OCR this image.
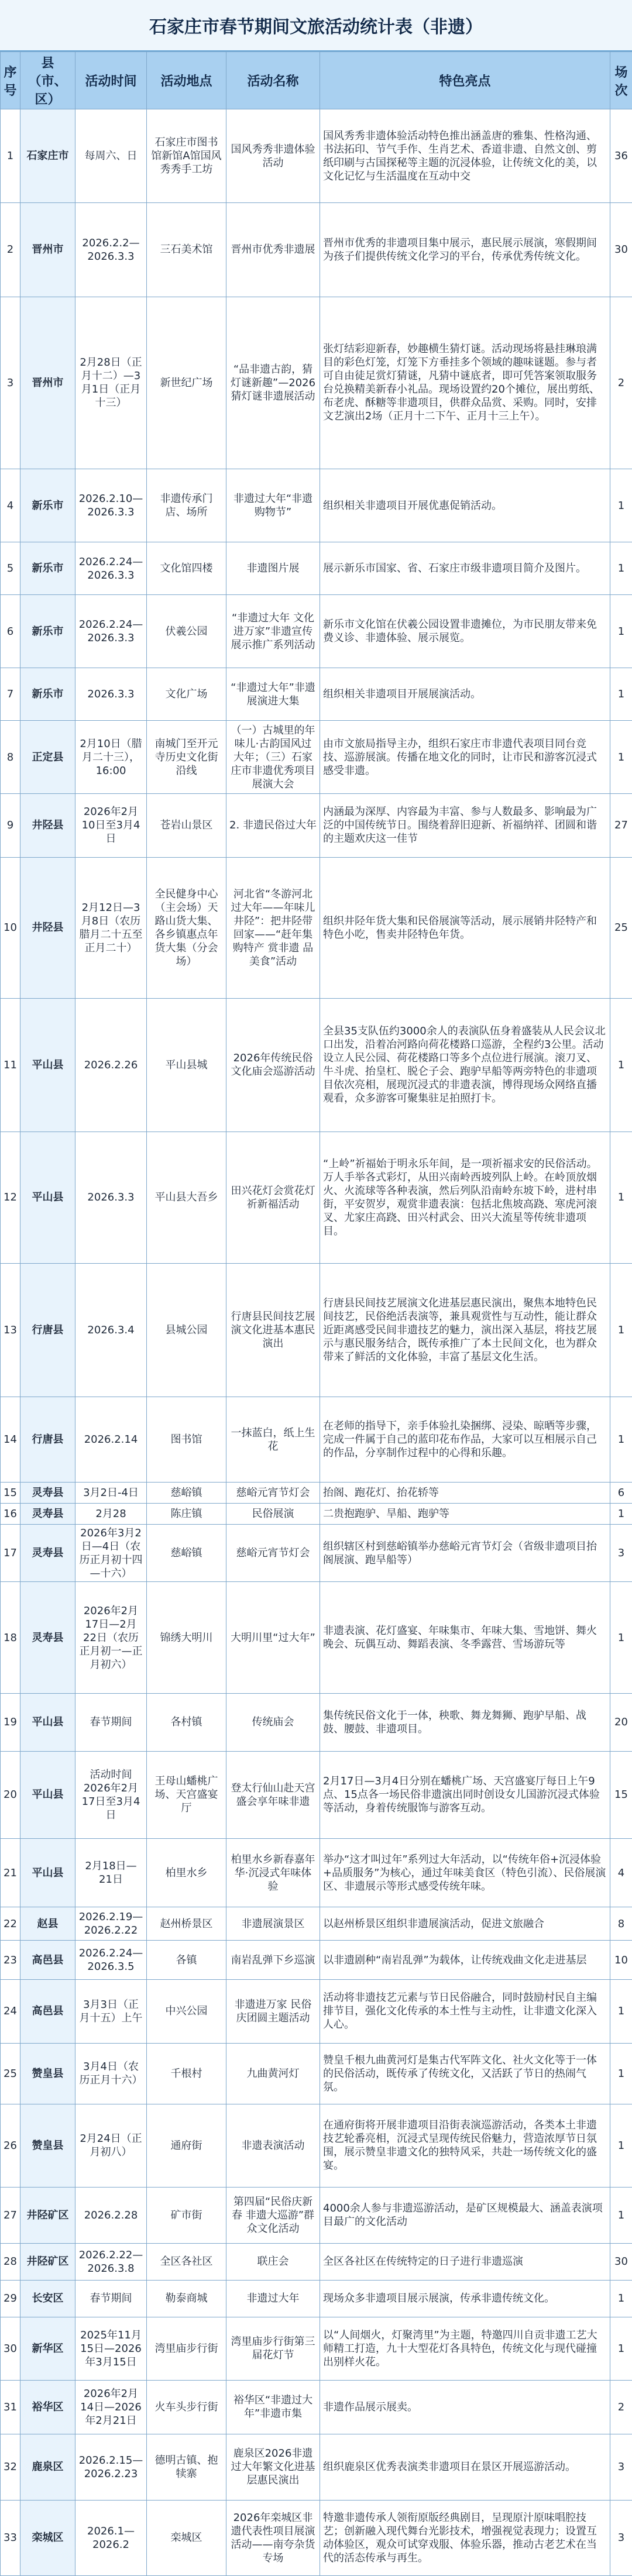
石家庄市春节期间文旅活动统计表（非遗）
序号	县（市、区）	活动时间	活动地点	活动名称	特色亮点	场次

1	石家庄市	每周六、日	石家庄市图书馆新馆A馆国风秀秀手工坊	国风秀秀非遗体验活动	国风秀秀非遗体验活动特色推出涵盖唐的雅集、性格沟通、书法拓印、节气手作、生肖艺术、香道非遗、自然文创、剪纸印刷与古国探秘等主题的沉浸体验，让传统文化的美，以文化记忆与生活温度在互动中交	36

2	晋州市	2026.2.2—2026.3.3	三石美术馆	晋州市优秀非遗展	晋州市优秀的非遗项目集中展示，惠民展示展演，寒假期间为孩子们提供传统文化学习的平台，传承优秀传统文化。	30

3	晋州市	2月28日（正月十二）—3月1日（正月十三）	新世纪广场	“品非遗古韵，猜灯谜新趣”—2026猜灯谜非遗展活动	张灯结彩迎新春，妙趣横生猜灯谜。活动现场将悬挂琳琅满目的彩色灯笼，灯笼下方垂挂多个领域的趣味谜题。参与者可自由徒足赏灯猜谜，凡猜中谜底者，即可凭答案领取服务台兑换精美新春小礼品。现场设置约20个摊位，展出剪纸、布老虎、酥糖等非遗项目，供群众品赏、采购。同时，安排文艺演出2场（正月十二下午、正月十三上午）。	2

4	新乐市	2026.2.10—2026.3.3	非遗传承门店、场所	非遗过大年“非遗购物节”	组织相关非遗项目开展优惠促销活动。	1

5	新乐市	2026.2.24—2026.3.3	文化馆四楼	非遗图片展	展示新乐市国家、省、石家庄市级非遗项目简介及图片。	1

6	新乐市	2026.2.24—2026.3.3	伏羲公园	“非遗过大年 文化进万家”非遗宣传展示推广系列活动	新乐市文化馆在伏羲公园设置非遗摊位，为市民朋友带来免费义诊、非遗体验、展示展览。	1

7	新乐市	2026.3.3	文化广场	“非遗过大年”非遗展演进大集	组织相关非遗项目开展展演活动。	1

8	正定县	2月10日（腊月二十三），16:00	南城门至开元寺历史文化街沿线	（一）古城里的年味儿·古韵国风过大年；（三）石家庄市非遗优秀项目展演大会	由市文旅局指导主办，组织石家庄市非遗代表项目同台竞技、巡游展演。传播在地文化的同时，让市民和游客沉浸式感受非遗。	1

9	井陉县	2026年2月10日至3月4日	苍岩山景区	2. 非遗民俗过大年	内涵最为深厚、内容最为丰富、参与人数最多、影响最为广泛的中国传统节日。围绕着辞旧迎新、祈福纳祥、团圆和谐的主题欢庆这一佳节	27

10	井陉县	2月12日—3月8日（农历腊月二十五至正月二十）	全民健身中心（主会场）天路山货大集、各乡镇惠点年货大集（分会场）	河北省“冬游河北过大年——年味儿井陉”：把井陉带回家——“赶年集 购特产 赏非遗 品美食”活动	组织井陉年货大集和民俗展演等活动，展示展销井陉特产和特色小吃，售卖井陉特色年货。	25

11	平山县	2026.2.26	平山县城	2026年传统民俗文化庙会巡游活动	全县35支队伍约3000余人的表演队伍身着盛装从人民会议北口出发，沿着冶河路向荷花楼路口巡游，全程约3公里。活动设立人民公园、荷花楼路口等多个点位进行展演。滚刀叉、牛斗虎、抬皇杠、脱仑子会、跑驴早船等两旁特色的非遗项目依次亮相，展现沉浸式的非遗表演，博得现场众网络直播观看，众多游客可聚集驻足拍照打卡。	1

12	平山县	2026.3.3	平山县大吾乡	田兴花灯会赏花灯祈新福活动	“上岭”祈福始于明永乐年间，是一项祈福求安的民俗活动。万人手举各式彩灯，从田兴南岭西坡列队上岭。在岭顶放烟火、火流球等各种表演，然后列队沿南岭东坡下岭，进村串街，平安贺岁，观赏非遗表演：包括北焦坡高跷、寒虎河滚叉、尤家庄高跷、田兴村武会、田兴大流星等传统非遗项目。	1

13	行唐县	2026.3.4	县城公园	行唐县民间技艺展演文化进基本惠民演出	行唐县民间技艺展演文化进基层惠民演出，聚焦本地特色民间技艺，民俗绝活表演等，兼具观赏性与互动性，能让群众近距离感受民间非遗技艺的魅力，演出深入基层，将技艺展示与惠民服务结合，既传承推广了本土民间文化，也为群众带来了鲜活的文化体验，丰富了基层文化生活。	1

14	行唐县	2026.2.14	图书馆	一抹蓝白，纸上生花	在老师的指导下，亲手体验扎染捆绑、浸染、晾晒等步骤，完成一件属于自己的蓝印花布作品，大家可以互相展示自己的作品，分享制作过程中的心得和乐趣。	1

15	灵寿县	3月2日-4日	慈峪镇	慈峪元宵节灯会	抬阁、跑花灯、抬花轿等	6

16	灵寿县	2月28	陈庄镇	民俗展演	二贵抱跑驴、旱船、跑驴等	1

17	灵寿县	2026年3月2日—4日（农历正月初十四—十六）	慈峪镇	慈峪元宵节灯会	组织辖区村到慈峪镇举办慈峪元宵节灯会（省级非遗项目抬阁展演、跑旱船等）	3

18	灵寿县	2026年2月17日—2月22日（农历正月初一—正月初六）	锦绣大明川	大明川里“过大年”	非遗表演、花灯盛宴、年味集市、年味大集、雪地饼、舞火晚会、玩偶互动、舞蹈表演、冬季露营、雪场游玩等	1

19	平山县	春节期间	各村镇	传统庙会	集传统民俗文化于一体，秧歌、舞龙舞狮、跑驴早船、战鼓、腰鼓、非遗项目。	20

20	平山县	活动时间2026年2月17日至3月4日	王母山蟠桃广场、天宫盛宴厅	登太行仙山赴天宫盛会享年味非遗	2月17日—3月4日分别在蟠桃广场、天宫盛宴厅每日上午9点、15点各一场民俗非遗演出同时创设女儿国游沉浸式体验等活动，身着传统服饰与游客互动。	15

21	平山县	2月18日—21日	柏里水乡	柏里水乡新春嘉年华·沉浸式年味体验	举办“这才叫过年”系列过大年活动，以“传统年俗+沉浸体验+品质服务”为核心，通过年味美食区（特色引流）、民俗展演区、非遗展示等形式感受传统年味。	4

22	赵县	2026.2.19—2026.2.22	赵州桥景区	非遗展演景区	以赵州桥景区组织非遗展演活动，促进文旅融合	8

23	高邑县	2026.2.24—2026.3.5	各镇	南岩乱弹下乡巡演	以非遗剧种“南岩乱弹”为载体，让传统戏曲文化走进基层	10

24	高邑县	3月3日（正月十五）上午	中兴公园	非遗进万家 民俗庆团圆主题活动	活动将非遗技艺元素与节日民俗融合，同时鼓励村民自主编排节目，强化文化传承的本土性与主动性，让非遗文化深入人心。	1

25	赞皇县	3月4日（农历正月十六）	千根村	九曲黄河灯	赞皇千根九曲黄河灯是集古代军阵文化、社火文化等于一体的民俗活动，既传承了传统文化，又活跃了节日的热闹气氛。	1

26	赞皇县	2月24日（正月初八）	通府街	非遗表演活动	在通府街将开展非遗项目沿街表演巡游活动，各类本土非遗技艺轮番亮相，沉浸式呈现传统民俗魅力，营造浓厚节日氛围，展示赞皇非遗文化的独特风采，共赴一场传统文化的盛宴。	1

27	井陉矿区	2026.2.28	矿市街	第四届“民俗庆新春 非遗大巡游”群众文化活动	4000余人参与非遗巡游活动，是矿区规模最大、涵盖表演项目最广的文化活动	1

28	井陉矿区	2026.2.22—2026.3.8	全区各社区	联庄会	全区各社区在传统特定的日子进行非遗巡演	30

29	长安区	春节期间	勒泰商城	非遗过大年	现场众多非遗项目展示展演，传承非遗传统文化。	1

30	新华区	2025年11月15日—2026年3月15日	湾里庙步行街	湾里庙步行街第三届花灯节	以“人间烟火，灯聚湾里”为主题，特邀四川自贡非遗工艺大师精工打造，九十大型花灯各具特色，传统文化与现代碰撞出别样火花。	1

31	裕华区	2026年2月14日—2026年2月21日	火车头步行街	裕华区“非遗过大年”非遗市集	非遗作品展示展卖。	2

32	鹿泉区	2026.2.15—2026.2.23	德明古镇、抱犊寨	鹿泉区2026非遗过大年繁文化进基层惠民演出	组织鹿泉区优秀表演类非遗项目在景区开展巡游活动。	3

33	栾城区	2026.1—2026.2	栾城区	2026年栾城区非遗代表性项目展演活动——南夸杂货专场	特邀非遗传承人领衔原版经典剧目，呈现原汁原味唱腔技艺；创新融入现代舞台光影技术，增强视觉表现力；设置互动体验区，观众可试穿戏服、体验乐器，推动古老艺术在当代的活态传承与再生。	3
